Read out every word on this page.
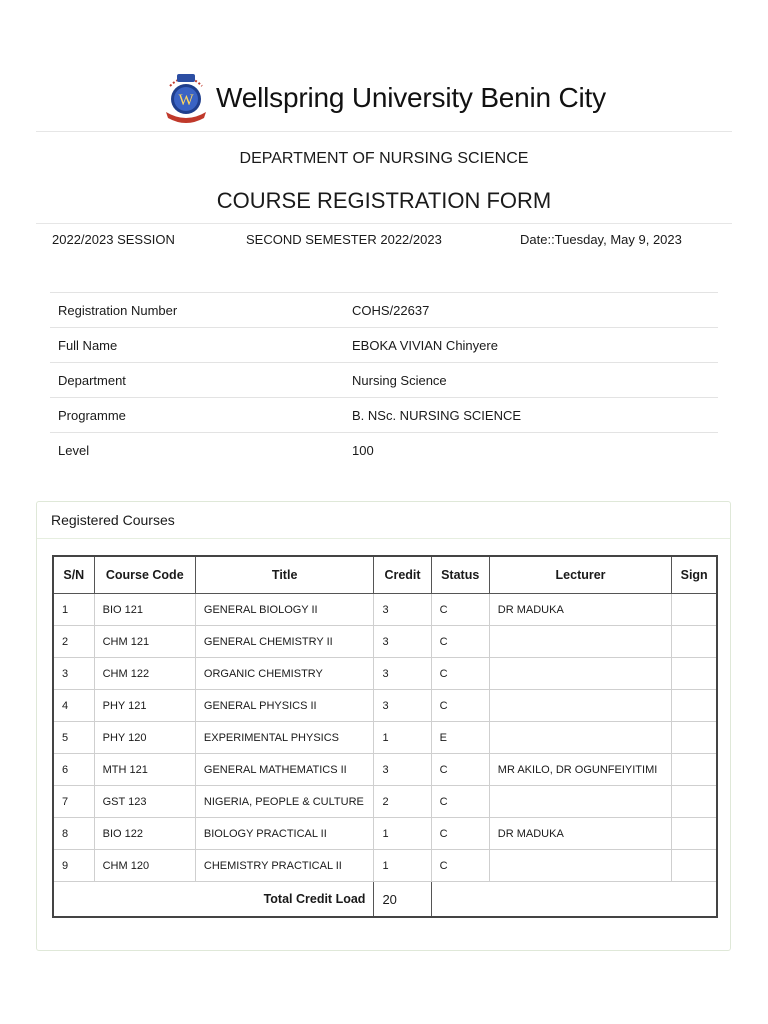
W Wellspring University Benin City
DEPARTMENT OF NURSING SCIENCE
COURSE REGISTRATION FORM
2022/2023 SESSION	SECOND SEMESTER 2022/2023	Date::Tuesday, May 9, 2023
Registration Number	COHS/22637
Full Name	EBOKA VIVIAN Chinyere
Department	Nursing Science
Programme	B. NSc. NURSING SCIENCE
Level	100
Registered Courses
S/N	Course Code	Title	Credit	Status	Lecturer	Sign
1	BIO 121	GENERAL BIOLOGY II	3	C	DR MADUKA	
2	CHM 121	GENERAL CHEMISTRY II	3	C		
3	CHM 122	ORGANIC CHEMISTRY	3	C		
4	PHY 121	GENERAL PHYSICS II	3	C		
5	PHY 120	EXPERIMENTAL PHYSICS	1	E		
6	MTH 121	GENERAL MATHEMATICS II	3	C	MR AKILO, DR OGUNFEIYITIMI	
7	GST 123	NIGERIA, PEOPLE & CULTURE	2	C		
8	BIO 122	BIOLOGY PRACTICAL II	1	C	DR MADUKA	
9	CHM 120	CHEMISTRY PRACTICAL II	1	C		
Total Credit Load			20			
